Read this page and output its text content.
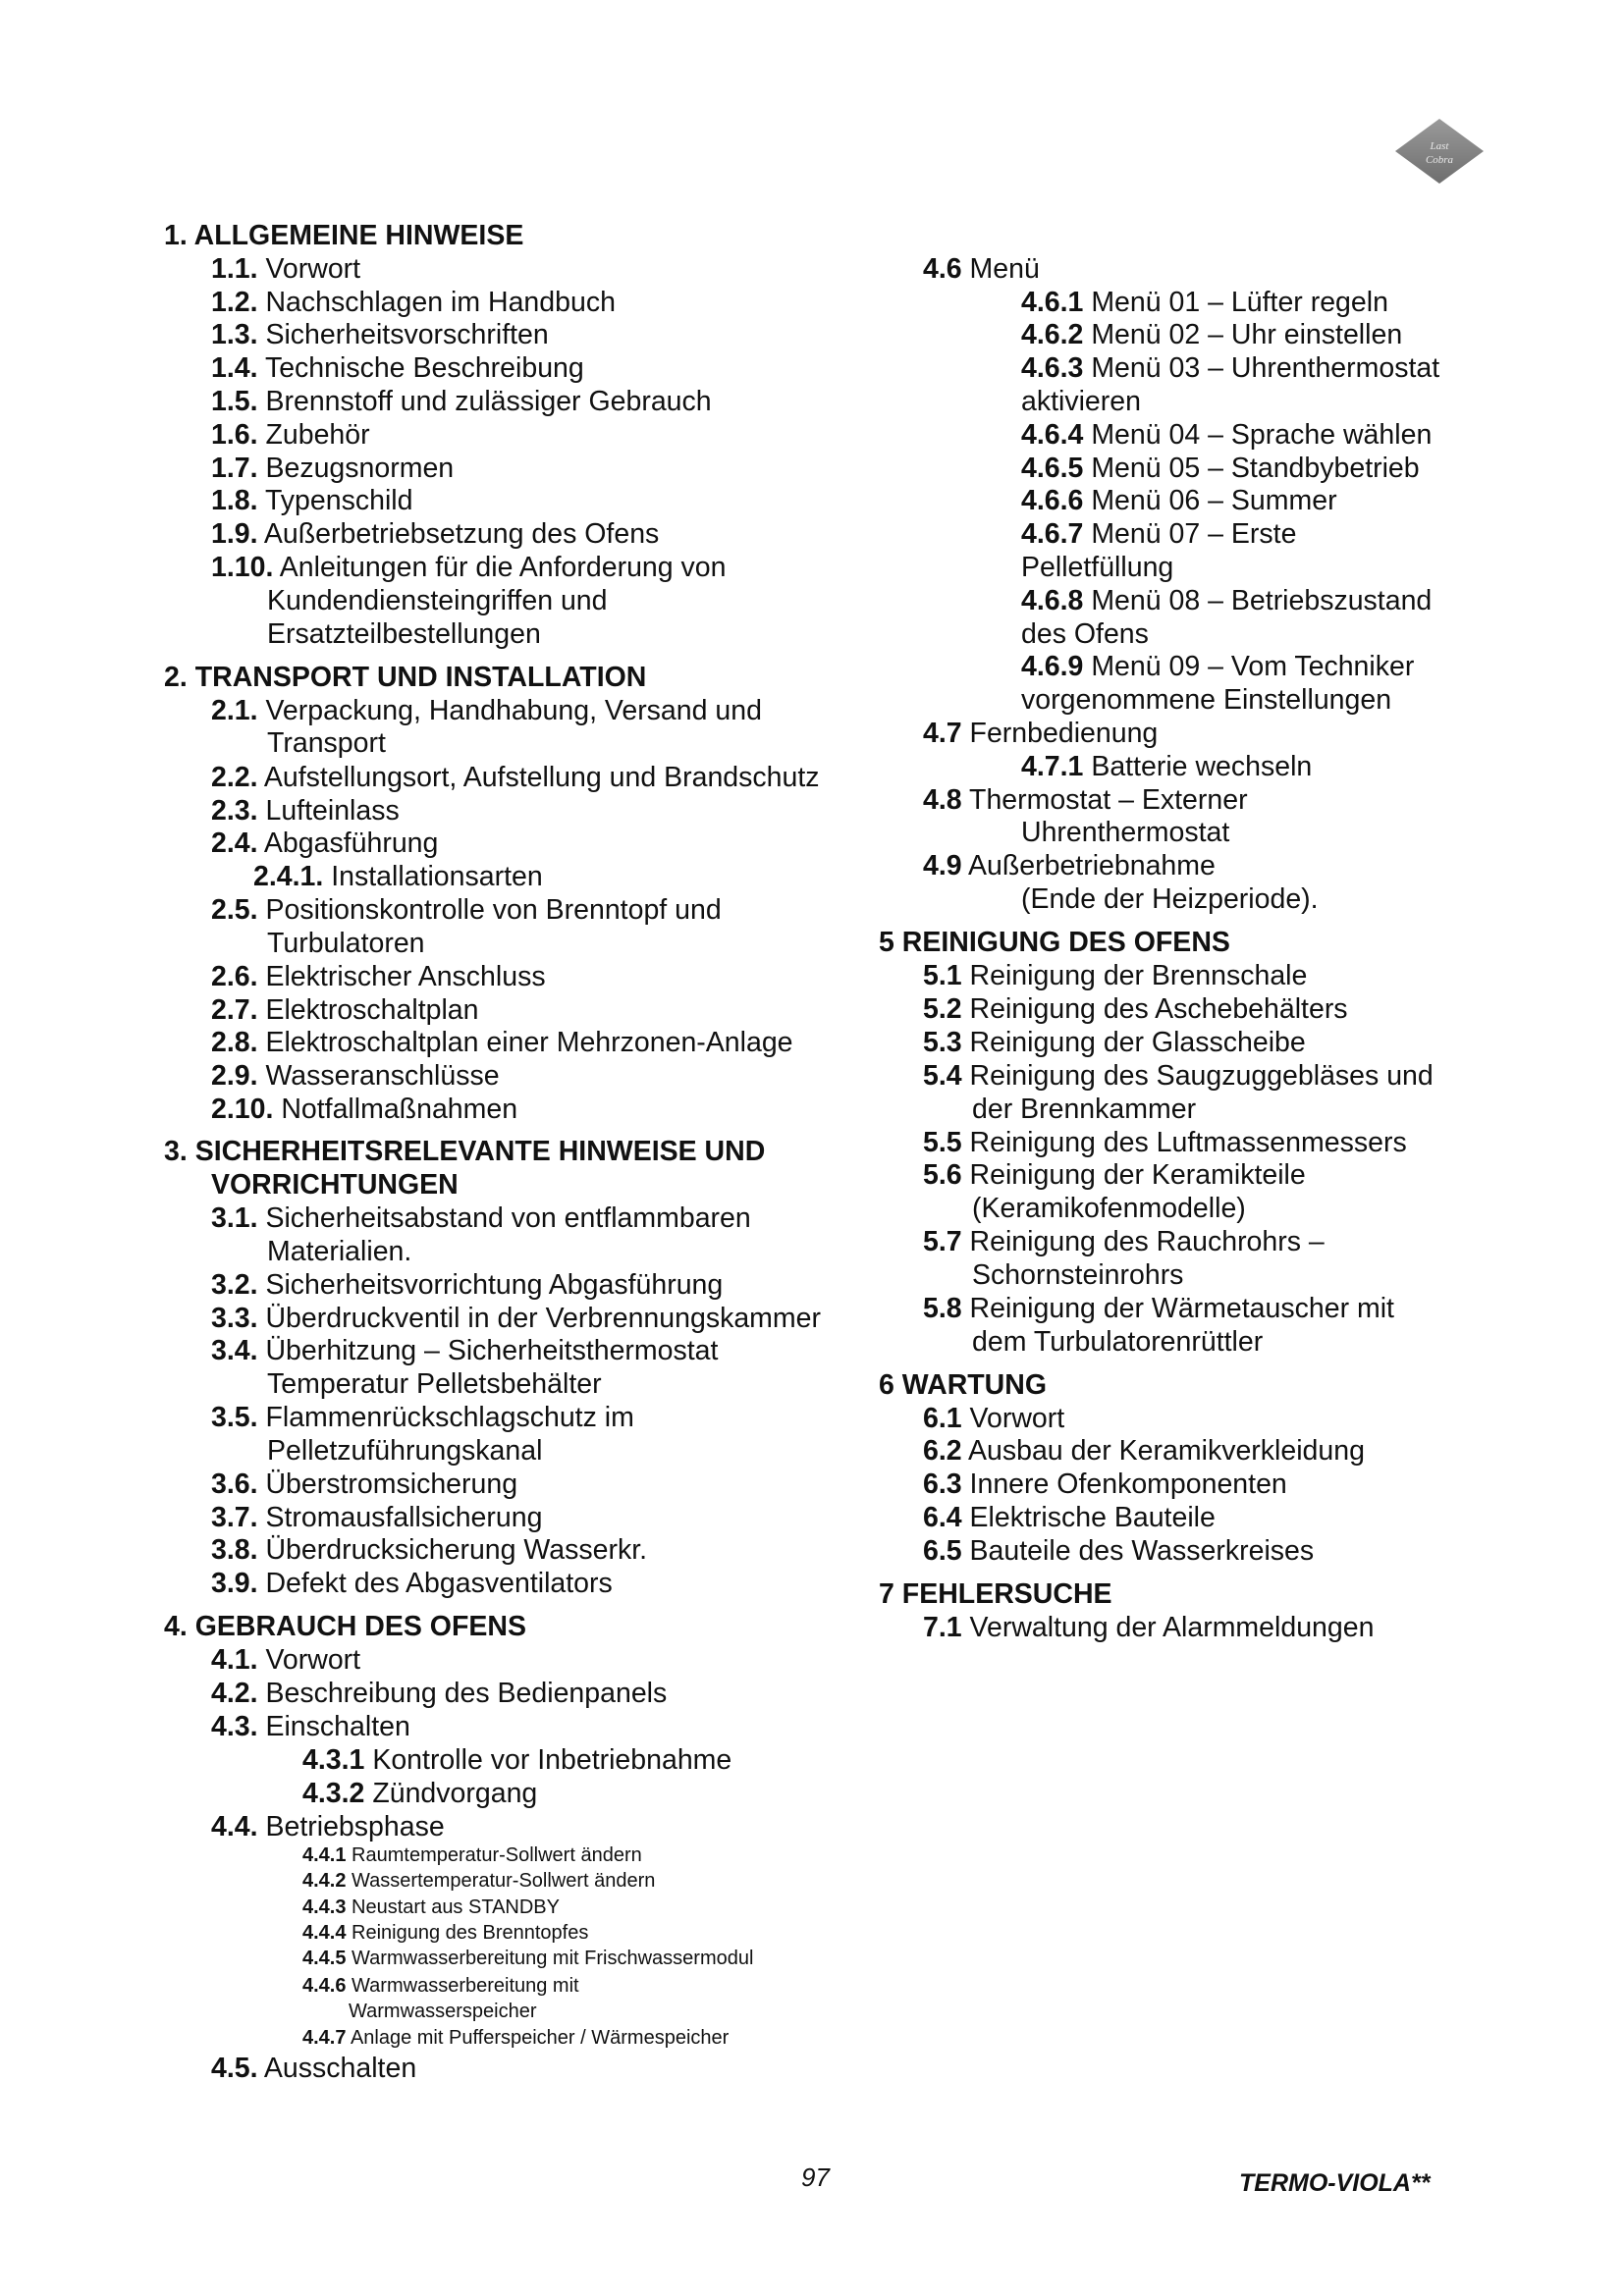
Last
Cobra
1. ALLGEMEINE HINWEISE
1.1. Vorwort
1.2. Nachschlagen im Handbuch
1.3. Sicherheitsvorschriften
1.4. Technische Beschreibung
1.5. Brennstoff und zulässiger Gebrauch
1.6. Zubehör
1.7. Bezugsnormen
1.8. Typenschild
1.9. Außerbetriebsetzung des Ofens
1.10. Anleitungen für die Anforderung von
Kundendiensteingriffen und
Ersatzteilbestellungen
2. TRANSPORT UND INSTALLATION
2.1. Verpackung, Handhabung, Versand und
Transport
2.2. Aufstellungsort, Aufstellung und Brandschutz
2.3. Lufteinlass
2.4. Abgasführung
2.4.1. Installationsarten
2.5. Positionskontrolle von Brenntopf und
Turbulatoren
2.6. Elektrischer Anschluss
2.7. Elektroschaltplan
2.8. Elektroschaltplan einer Mehrzonen-Anlage
2.9. Wasseranschlüsse
2.10. Notfallmaßnahmen
3. SICHERHEITSRELEVANTE HINWEISE UND
VORRICHTUNGEN
3.1. Sicherheitsabstand von entflammbaren
Materialien.
3.2. Sicherheitsvorrichtung Abgasführung
3.3. Überdruckventil in der Verbrennungskammer
3.4. Überhitzung – Sicherheitsthermostat
Temperatur Pelletsbehälter
3.5. Flammenrückschlagschutz im
Pelletzuführungskanal
3.6. Überstromsicherung
3.7. Stromausfallsicherung
3.8. Überdrucksicherung Wasserkr.
3.9. Defekt des Abgasventilators
4. GEBRAUCH DES OFENS
4.1. Vorwort
4.2. Beschreibung des Bedienpanels
4.3. Einschalten
4.3.1 Kontrolle vor Inbetriebnahme
4.3.2 Zündvorgang
4.4. Betriebsphase
4.4.1 Raumtemperatur-Sollwert ändern
4.4.2 Wassertemperatur-Sollwert ändern
4.4.3 Neustart aus STANDBY
4.4.4 Reinigung des Brenntopfes
4.4.5 Warmwasserbereitung mit Frischwassermodul
4.4.6 Warmwasserbereitung mit
Warmwasserspeicher
4.4.7 Anlage mit Pufferspeicher / Wärmespeicher
4.5. Ausschalten
4.6 Menü
4.6.1 Menü 01 – Lüfter regeln
4.6.2 Menü 02 – Uhr einstellen
4.6.3 Menü 03 – Uhrenthermostat
aktivieren
4.6.4 Menü 04 – Sprache wählen
4.6.5 Menü 05 – Standbybetrieb
4.6.6 Menü 06 – Summer
4.6.7 Menü 07 – Erste
Pelletfüllung
4.6.8 Menü 08 – Betriebszustand
des Ofens
4.6.9 Menü 09 – Vom Techniker
vorgenommene Einstellungen
4.7 Fernbedienung
4.7.1 Batterie wechseln
4.8 Thermostat – Externer
Uhrenthermostat
4.9 Außerbetriebnahme
(Ende der Heizperiode).
5 REINIGUNG DES OFENS
5.1 Reinigung der Brennschale
5.2 Reinigung des Aschebehälters
5.3 Reinigung der Glasscheibe
5.4 Reinigung des Saugzuggebläses und
der Brennkammer
5.5 Reinigung des Luftmassenmessers
5.6 Reinigung der Keramikteile
(Keramikofenmodelle)
5.7 Reinigung des Rauchrohrs –
Schornsteinrohrs
5.8 Reinigung der Wärmetauscher mit
dem Turbulatorenrüttler
6 WARTUNG
6.1 Vorwort
6.2 Ausbau der Keramikverkleidung
6.3 Innere Ofenkomponenten
6.4 Elektrische Bauteile
6.5 Bauteile des Wasserkreises
7 FEHLERSUCHE
7.1 Verwaltung der Alarmmeldungen
97	TERMO-VIOLA**
